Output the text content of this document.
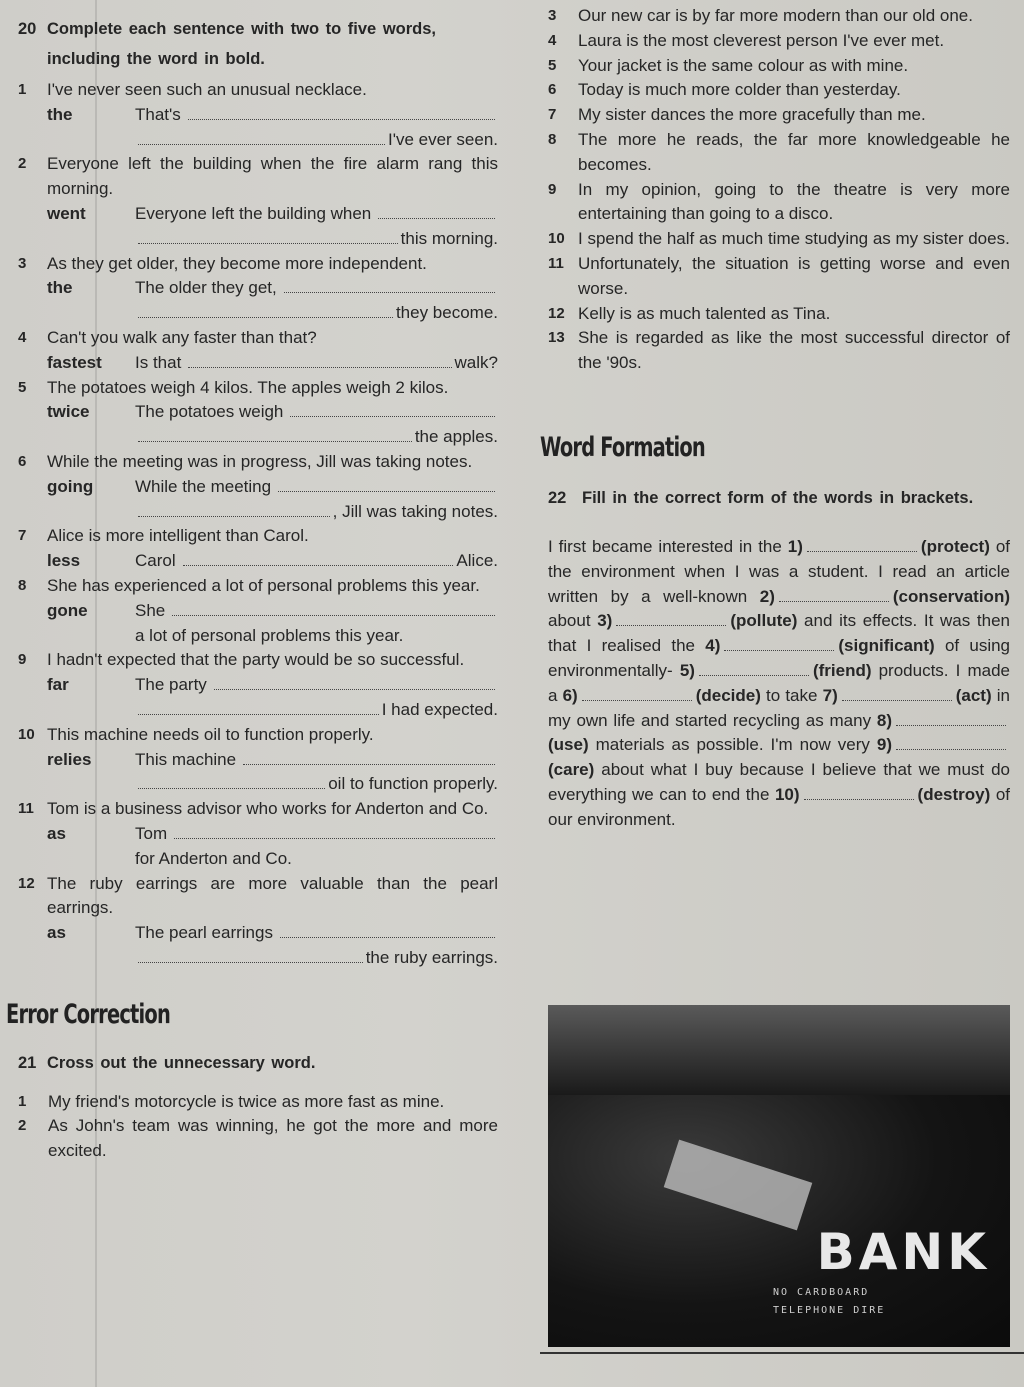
20 Complete each sentence with two to five words, including the word in bold.
1 I've never seen such an unusual necklace.
the	That's
I've ever seen.
2 Everyone left the building when the fire alarm rang this morning.
went	Everyone left the building when
this morning.
3 As they get older, they become more independent.
the	The older they get,
they become.
4 Can't you walk any faster than that?
fastest	Is that	walk?
5 The potatoes weigh 4 kilos. The apples weigh 2 kilos.
twice	The potatoes weigh
the apples.
6 While the meeting was in progress, Jill was taking notes.
going	While the meeting
, Jill was taking notes.
7 Alice is more intelligent than Carol.
less	Carol	Alice.
8 She has experienced a lot of personal problems this year.
gone	She
a lot of personal problems this year.
9 I hadn't expected that the party would be so successful.
far	The party
I had expected.
10 This machine needs oil to function properly.
relies	This machine
oil to function properly.
11 Tom is a business advisor who works for Anderton and Co.
as	Tom
for Anderton and Co.
12 The ruby earrings are more valuable than the pearl earrings.
as	The pearl earrings
the ruby earrings.
Error Correction
21 Cross out the unnecessary word.
1 My friend's motorcycle is twice as more fast as mine.
2 As John's team was winning, he got the more and more excited.
3 Our new car is by far more modern than our old one.
4 Laura is the most cleverest person I've ever met.
5 Your jacket is the same colour as with mine.
6 Today is much more colder than yesterday.
7 My sister dances the more gracefully than me.
8 The more he reads, the far more knowledgeable he becomes.
9 In my opinion, going to the theatre is very more entertaining than going to a disco.
10 I spend the half as much time studying as my sister does.
11 Unfortunately, the situation is getting worse and even worse.
12 Kelly is as much talented as Tina.
13 She is regarded as like the most successful director of the '90s.
Word Formation
22 Fill in the correct form of the words in brackets.
I first became interested in the 1)	(protect) of the environment when I was a student. I read an article written by a well-known 2)	(conservation) about 3)	(pollute) and its effects. It was then that I realised the 4)	(significant) of using environmentally- 5)	(friend) products. I made a 6)	(decide) to take 7)	(act) in my own life and started recycling as many 8)(use) materials as possible. I'm now very 9)(care) about what I buy because I believe that we must do everything we can to end the 10)	(destroy) of our environment.
BANK
NO CARDBOARD
TELEPHONE DIRE
